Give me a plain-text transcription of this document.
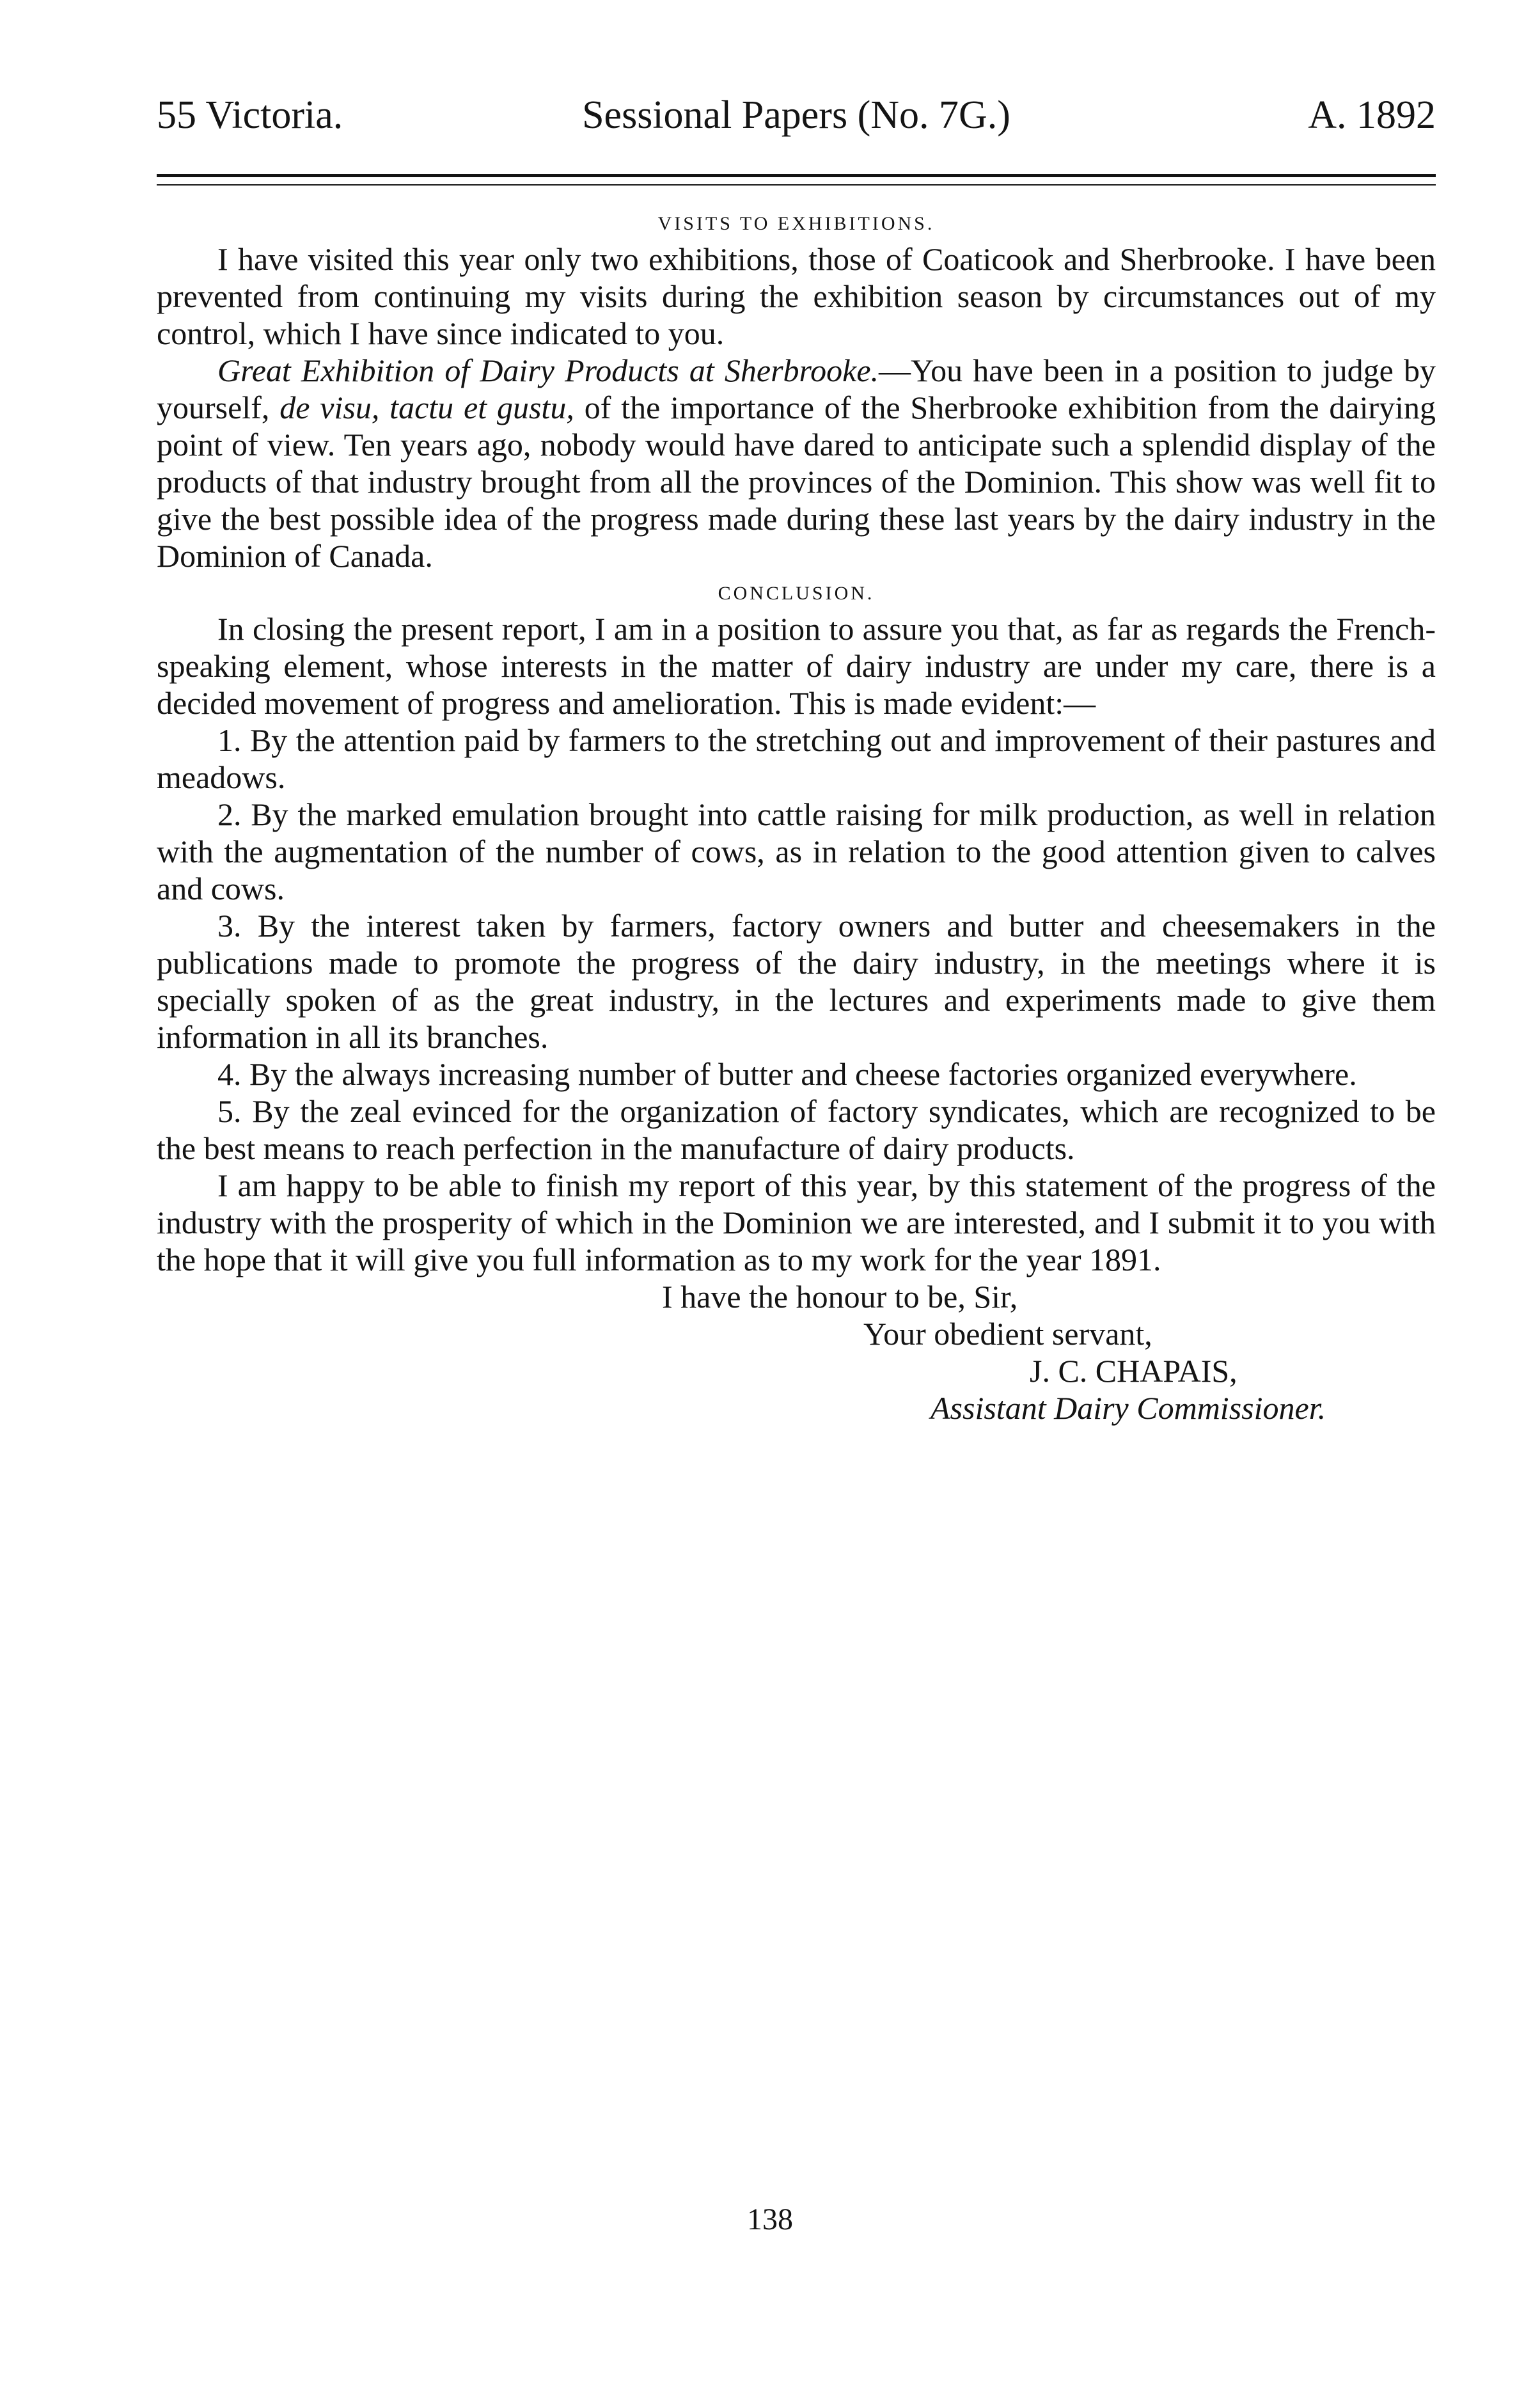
55 Victoria.	Sessional Papers (No. 7G.)	A. 1892
VISITS TO EXHIBITIONS.

I have visited this year only two exhibitions, those of Coaticook and Sherbrooke. I have been prevented from continuing my visits during the exhibition season by circumstances out of my control, which I have since indicated to you.

Great Exhibition of Dairy Products at Sherbrooke.—You have been in a position to judge by yourself, de visu, tactu et gustu, of the importance of the Sherbrooke exhibition from the dairying point of view. Ten years ago, nobody would have dared to anticipate such a splendid display of the products of that industry brought from all the provinces of the Dominion. This show was well fit to give the best possible idea of the progress made during these last years by the dairy industry in the Dominion of Canada.

CONCLUSION.

In closing the present report, I am in a position to assure you that, as far as regards the French-speaking element, whose interests in the matter of dairy industry are under my care, there is a decided movement of progress and amelioration. This is made evident:—

1. By the attention paid by farmers to the stretching out and improvement of their pastures and meadows.

2. By the marked emulation brought into cattle raising for milk production, as well in relation with the augmentation of the number of cows, as in relation to the good attention given to calves and cows.

3. By the interest taken by farmers, factory owners and butter and cheesemakers in the publications made to promote the progress of the dairy industry, in the meetings where it is specially spoken of as the great industry, in the lectures and experiments made to give them information in all its branches.

4. By the always increasing number of butter and cheese factories organized everywhere.

5. By the zeal evinced for the organization of factory syndicates, which are recognized to be the best means to reach perfection in the manufacture of dairy products.

I am happy to be able to finish my report of this year, by this statement of the progress of the industry with the prosperity of which in the Dominion we are interested, and I submit it to you with the hope that it will give you full information as to my work for the year 1891.

I have the honour to be, Sir,
Your obedient servant,
J. C. CHAPAIS,
Assistant Dairy Commissioner.
138
